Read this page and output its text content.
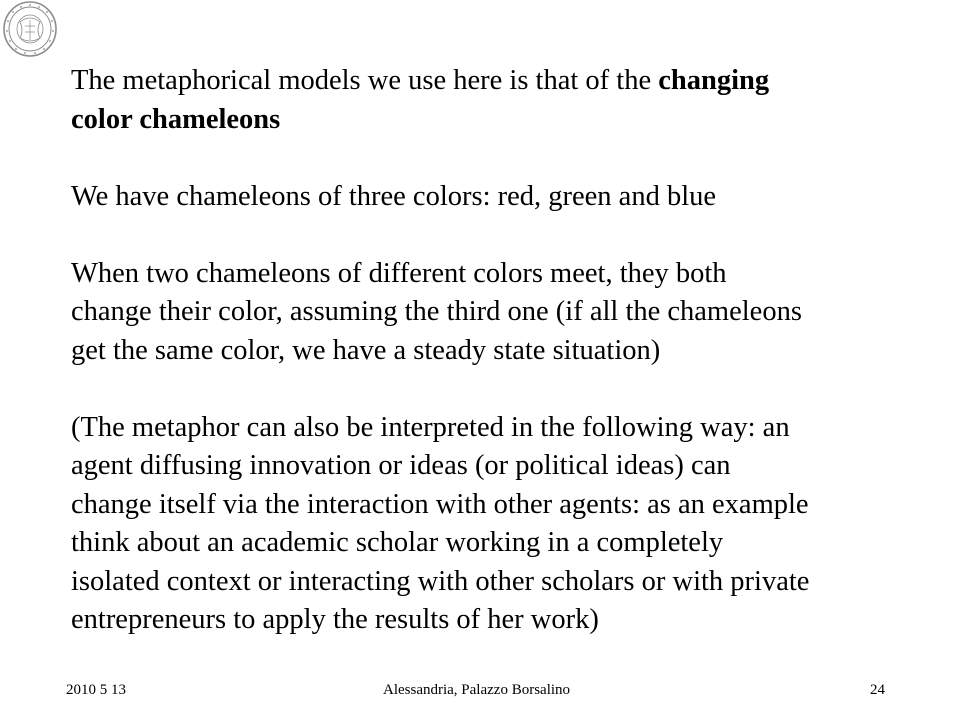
The metaphorical models we use here is that of the changing
color chameleons

We have chameleons of three colors: red, green and blue

When two chameleons of different colors meet, they both
change their color, assuming the third one (if all the chameleons
get the same color, we have a steady state situation)

(The metaphor can also be interpreted in the following way: an
agent diffusing innovation or ideas (or political ideas) can
change itself via the interaction with other agents: as an example
think about an academic scholar working in a completely
isolated context or interacting with other scholars or with private
entrepreneurs to apply the results of her work)

2010 5 13	Alessandria, Palazzo Borsalino	24
